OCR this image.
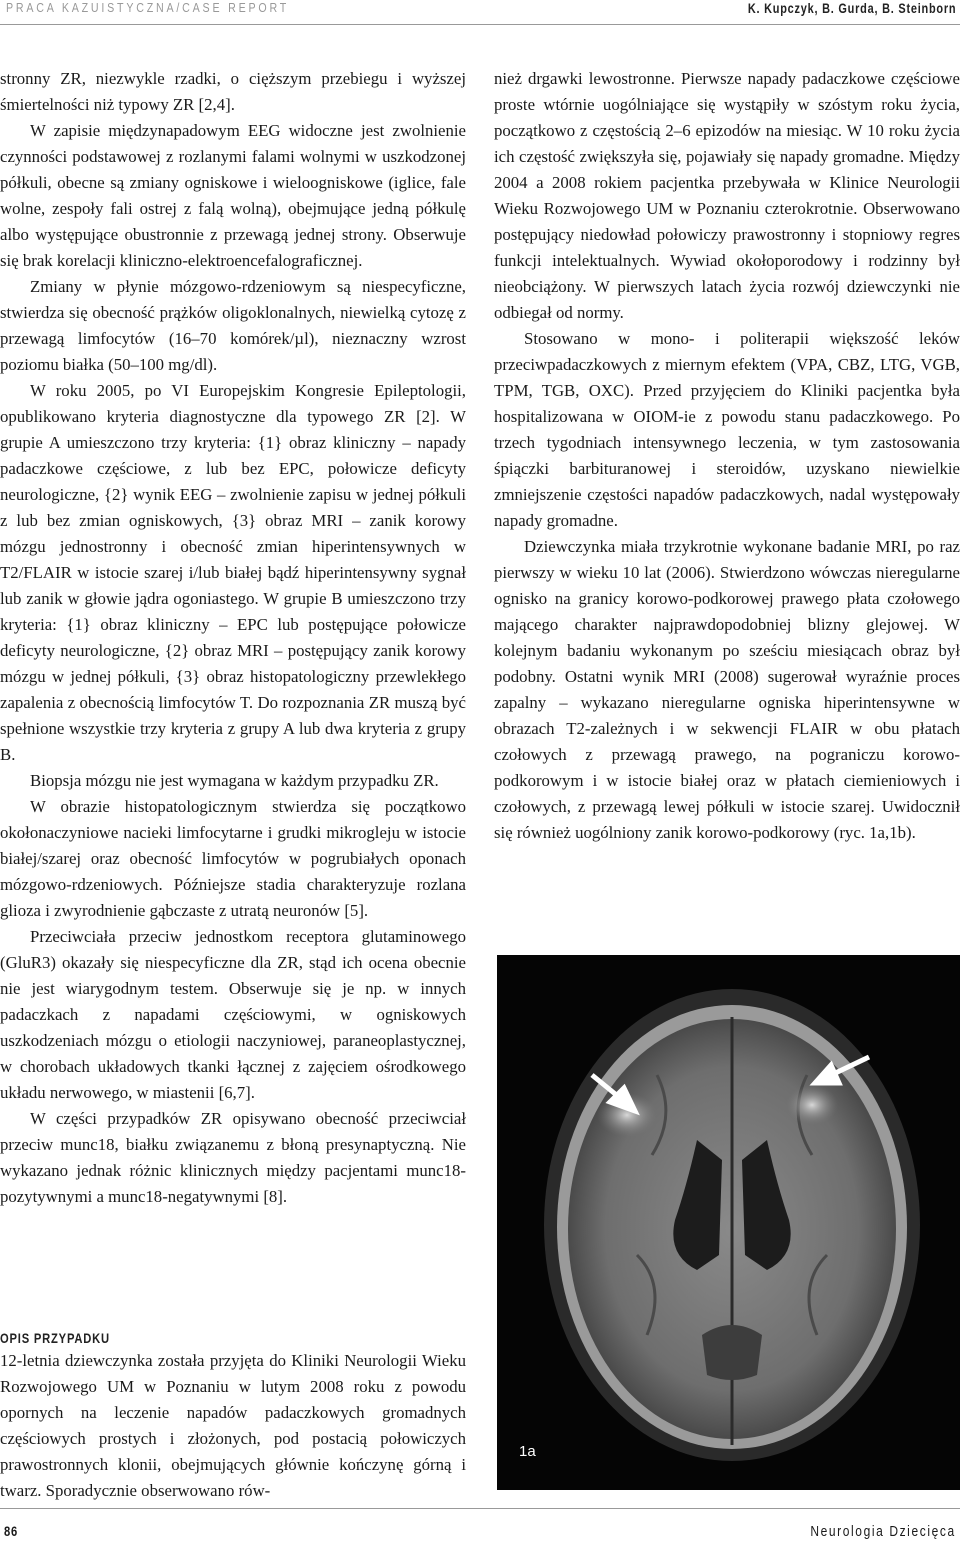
PRACA KAZUISTYCZNA/CASE REPORT	K. Kupczyk, B. Gurda, B. Steinborn

stronny ZR, niezwykle rzadki, o cięższym przebiegu i wyższej śmiertelności niż typowy ZR [2,4].

W zapisie międzynapadowym EEG widoczne jest zwolnienie czynności podstawowej z rozlanymi falami wolnymi w uszkodzonej półkuli, obecne są zmiany ogniskowe i wieloogniskowe (iglice, fale wolne, zespoły fali ostrej z falą wolną), obejmujące jedną półkulę albo występujące obustronnie z przewagą jednej strony. Obserwuje się brak korelacji kliniczno-elektroencefalograficznej.

Zmiany w płynie mózgowo-rdzeniowym są niespecyficzne, stwierdza się obecność prążków oligoklonalnych, niewielką cytozę z przewagą limfocytów (16–70 komórek/µl), nieznaczny wzrost poziomu białka (50–100 mg/dl).

W roku 2005, po VI Europejskim Kongresie Epileptologii, opublikowano kryteria diagnostyczne dla typowego ZR [2]. W grupie A umieszczono trzy kryteria: {1} obraz kliniczny – napady padaczkowe częściowe, z lub bez EPC, połowicze deficyty neurologiczne, {2} wynik EEG – zwolnienie zapisu w jednej półkuli z lub bez zmian ogniskowych, {3} obraz MRI – zanik korowy mózgu jednostronny i obecność zmian hiperintensywnych w T2/FLAIR w istocie szarej i/lub białej bądź hiperintensywny sygnał lub zanik w głowie jądra ogoniastego. W grupie B umieszczono trzy kryteria: {1} obraz kliniczny – EPC lub postępujące połowicze deficyty neurologiczne, {2} obraz MRI – postępujący zanik korowy mózgu w jednej półkuli, {3} obraz histopatologiczny przewlekłego zapalenia z obecnością limfocytów T. Do rozpoznania ZR muszą być spełnione wszystkie trzy kryteria z grupy A lub dwa kryteria z grupy B.

Biopsja mózgu nie jest wymagana w każdym przypadku ZR.

W obrazie histopatologicznym stwierdza się początkowo okołonaczyniowe nacieki limfocytarne i grudki mikrogleju w istocie białej/szarej oraz obecność limfocytów w pogrubiałych oponach mózgowo-rdzeniowych. Późniejsze stadia charakteryzuje rozlana glioza i zwyrodnienie gąbczaste z utratą neuronów [5].

Przeciwciała przeciw jednostkom receptora glutaminowego (GluR3) okazały się niespecyficzne dla ZR, stąd ich ocena obecnie nie jest wiarygodnym testem. Obserwuje się je np. w innych padaczkach z napadami częściowymi, w ogniskowych uszkodzeniach mózgu o etiologii naczyniowej, paraneoplastycznej, w chorobach układowych tkanki łącznej z zajęciem ośrodkowego układu nerwowego, w miastenii [6,7].

W części przypadków ZR opisywano obecność przeciwciał przeciw munc18, białku związanemu z błoną presynaptyczną. Nie wykazano jednak różnic klinicznych między pacjentami munc18-pozytywnymi a munc18-negatywnymi [8].

OPIS PRZYPADKU

12-letnia dziewczynka została przyjęta do Kliniki Neurologii Wieku Rozwojowego UM w Poznaniu w lutym 2008 roku z powodu opornych na leczenie napadów padaczkowych gromadnych częściowych prostych i złożonych, pod postacią połowiczych prawostronnych klonii, obejmujących głównie kończynę górną i twarz. Sporadycznie obserwowano rów-

nież drgawki lewostronne. Pierwsze napady padaczkowe częściowe proste wtórnie uogólniające się wystąpiły w szóstym roku życia, początkowo z częstością 2–6 epizodów na miesiąc. W 10 roku życia ich częstość zwiększyła się, pojawiały się napady gromadne. Między 2004 a 2008 rokiem pacjentka przebywała w Klinice Neurologii Wieku Rozwojowego UM w Poznaniu czterokrotnie. Obserwowano postępujący niedowład połowiczy prawostronny i stopniowy regres funkcji intelektualnych. Wywiad okołoporodowy i rodzinny był nieobciążony. W pierwszych latach życia rozwój dziewczynki nie odbiegał od normy.

Stosowano w mono- i politerapii większość leków przeciwpadaczkowych z miernym efektem (VPA, CBZ, LTG, VGB, TPM, TGB, OXC). Przed przyjęciem do Kliniki pacjentka była hospitalizowana w OIOM-ie z powodu stanu padaczkowego. Po trzech tygodniach intensywnego leczenia, w tym zastosowania śpiączki barbituranowej i steroidów, uzyskano niewielkie zmniejszenie częstości napadów padaczkowych, nadal występowały napady gromadne.

Dziewczynka miała trzykrotnie wykonane badanie MRI, po raz pierwszy w wieku 10 lat (2006). Stwierdzono wówczas nieregularne ognisko na granicy korowo-podkorowej prawego płata czołowego mającego charakter najprawdopodobniej blizny glejowej. W kolejnym badaniu wykonanym po sześciu miesiącach obraz był podobny. Ostatni wynik MRI (2008) sugerował wyraźnie proces zapalny – wykazano nieregularne ogniska hiperintensywne w obrazach T2-zależnych i w sekwencji FLAIR w obu płatach czołowych z przewagą prawego, na pograniczu korowo-podkorowym i w istocie białej oraz w płatach ciemieniowych i czołowych, z przewagą lewej półkuli w istocie szarej. Uwidocznił się również uogólniony zanik korowo-podkorowy (ryc. 1a,1b).

1a
86	Neurologia Dziecięca
